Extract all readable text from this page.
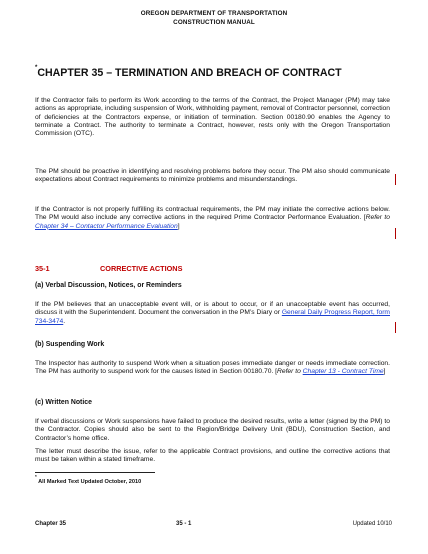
OREGON DEPARTMENT OF TRANSPORTATION
CONSTRUCTION MANUAL
*CHAPTER 35 – TERMINATION AND BREACH OF CONTRACT

If the Contractor fails to perform its Work according to the terms of the Contract, the Project Manager (PM) may take actions as appropriate, including suspension of Work, withholding payment, removal of Contractor personnel, correction of deficiencies at the Contractors expense, or initiation of termination. Section 00180.90 enables the Agency to terminate a Contract. The authority to terminate a Contract, however, rests only with the Oregon Transportation Commission (OTC).

The PM should be proactive in identifying and resolving problems before they occur. The PM also should communicate expectations about Contract requirements to minimize problems and misunderstandings.

If the Contractor is not properly fulfilling its contractual requirements, the PM may initiate the corrective actions below. The PM would also include any corrective actions in the required Prime Contractor Performance Evaluation. [Refer to Chapter 34 – Contactor Performance Evaluation]

35-1	CORRECTIVE ACTIONS
(a) Verbal Discussion, Notices, or Reminders

If the PM believes that an unacceptable event will, or is about to occur, or if an unacceptable event has occurred, discuss it with the Superintendent. Document the conversation in the PM’s Diary or General Daily Progress Report, form 734-3474.

(b) Suspending Work

The Inspector has authority to suspend Work when a situation poses immediate danger or needs immediate correction. The PM has authority to suspend work for the causes listed in Section 00180.70. [Refer to Chapter 13 - Contract Time]

(c) Written Notice

If verbal discussions or Work suspensions have failed to produce the desired results, write a letter (signed by the PM) to the Contractor. Copies should also be sent to the Region/Bridge Delivery Unit (BDU), Construction Section, and Contractor’s home office.

The letter must describe the issue, refer to the applicable Contract provisions, and outline the corrective actions that must be taken within a stated timeframe.

* All Marked Text Updated October, 2010
Chapter 35	35 - 1	Updated 10/10
